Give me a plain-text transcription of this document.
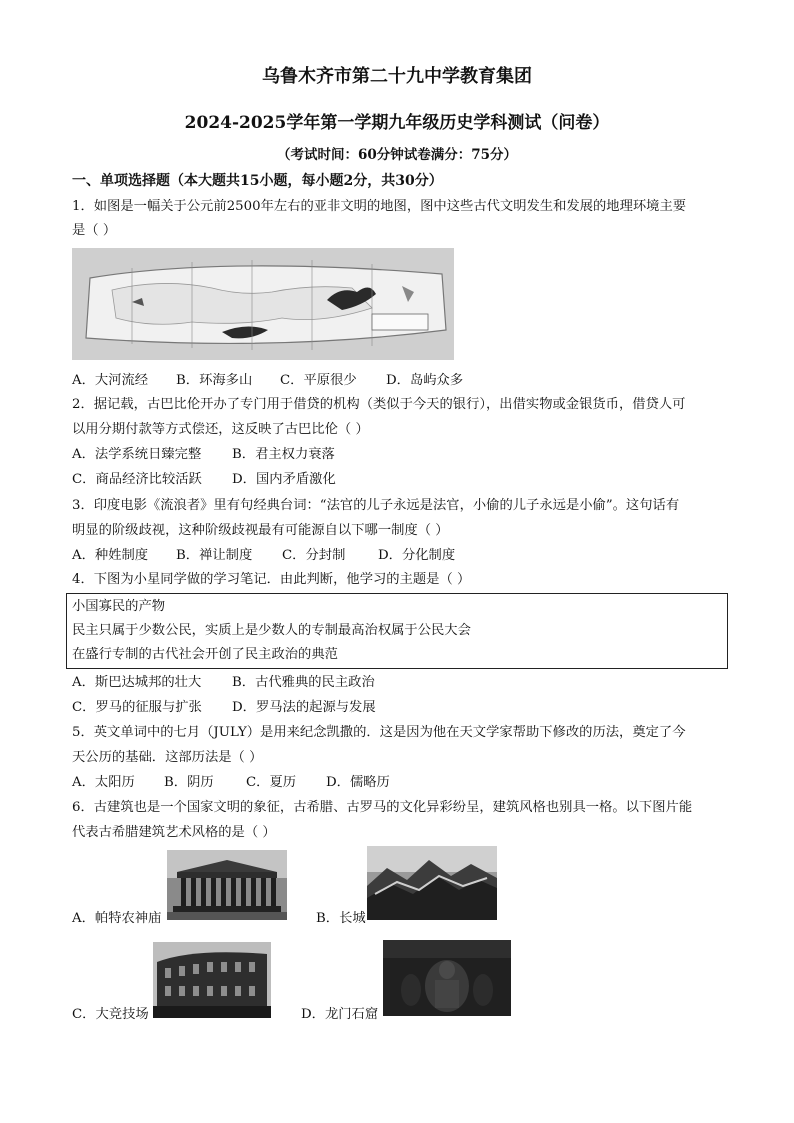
乌鲁木齐市第二十九中学教育集团
2024-2025学年第一学期九年级历史学科测试（问卷）
（考试时间：60分钟试卷满分：75分）
一、单项选择题（本大题共15小题，每小题2分，共30分）
1．如图是一幅关于公元前2500年左右的亚非文明的地图，图中这些古代文明发生和发展的地理环境主要
是（ ）
A．大河流经 B．环海多山 C．平原很少 D．岛屿众多
2．据记载，古巴比伦开办了专门用于借贷的机构（类似于今天的银行），出借实物或金银货币，借贷人可
以用分期付款等方式偿还，这反映了古巴比伦（ ）
A．法学系统日臻完整 B．君主权力衰落
C．商品经济比较活跃 D．国内矛盾激化
3．印度电影《流浪者》里有句经典台词：“法官的儿子永远是法官，小偷的儿子永远是小偷”。这句话有
明显的阶级歧视，这种阶级歧视最有可能源自以下哪一制度（ ）
A．种姓制度 B．禅让制度 C．分封制 D．分化制度
4．下图为小星同学做的学习笔记．由此判断，他学习的主题是（ ）
小国寡民的产物
民主只属于少数公民，实质上是少数人的专制最高治权属于公民大会
在盛行专制的古代社会开创了民主政治的典范
A．斯巴达城邦的壮大 B．古代雅典的民主政治
C．罗马的征服与扩张 D．罗马法的起源与发展
5．英文单词中的七月（JULY）是用来纪念凯撒的．这是因为他在天文学家帮助下修改的历法，奠定了今
天公历的基础．这部历法是（ ）
A．太阳历 B．阴历 C．夏历 D．儒略历
6．古建筑也是一个国家文明的象征，古希腊、古罗马的文化异彩纷呈，建筑风格也别具一格。以下图片能
代表古希腊建筑艺术风格的是（ ）
A．帕特农神庙	B．长城
C．大竞技场	D．龙门石窟
